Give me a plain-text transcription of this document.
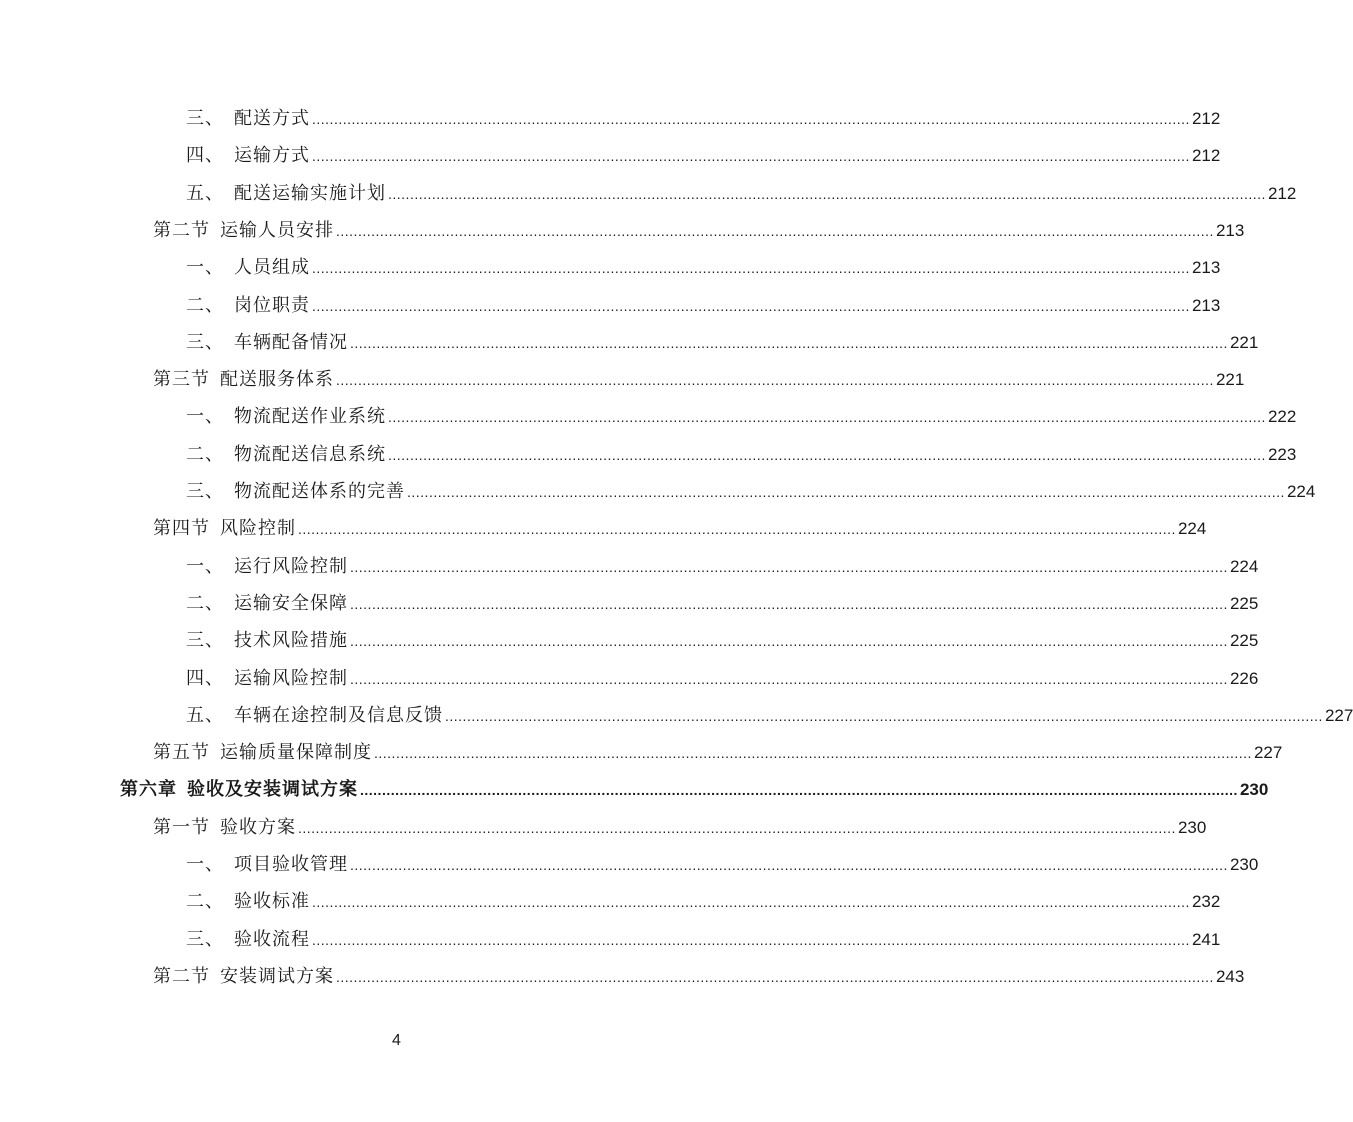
三、 配送方式 ........................................................................................................................................................................................................ 212
四、 运输方式 ........................................................................................................................................................................................................ 212
五、 配送运输实施计划 ........................................................................................................................................................................................................ 212
第二节 运输人员安排 ........................................................................................................................................................................................................ 213
一、 人员组成 ........................................................................................................................................................................................................ 213
二、 岗位职责 ........................................................................................................................................................................................................ 213
三、 车辆配备情况 ........................................................................................................................................................................................................ 221
第三节 配送服务体系 ........................................................................................................................................................................................................ 221
一、 物流配送作业系统 ........................................................................................................................................................................................................ 222
二、 物流配送信息系统 ........................................................................................................................................................................................................ 223
三、 物流配送体系的完善 ........................................................................................................................................................................................................ 224
第四节 风险控制 ........................................................................................................................................................................................................ 224
一、 运行风险控制 ........................................................................................................................................................................................................ 224
二、 运输安全保障 ........................................................................................................................................................................................................ 225
三、 技术风险措施 ........................................................................................................................................................................................................ 225
四、 运输风险控制 ........................................................................................................................................................................................................ 226
五、 车辆在途控制及信息反馈 ........................................................................................................................................................................................................ 227
第五节 运输质量保障制度 ........................................................................................................................................................................................................ 227
第六章 验收及安装调试方案 ........................................................................................................................................................................................................ 230
第一节 验收方案 ........................................................................................................................................................................................................ 230
一、 项目验收管理 ........................................................................................................................................................................................................ 230
二、 验收标准 ........................................................................................................................................................................................................ 232
三、 验收流程 ........................................................................................................................................................................................................ 241
第二节 安装调试方案 ........................................................................................................................................................................................................ 243
4
